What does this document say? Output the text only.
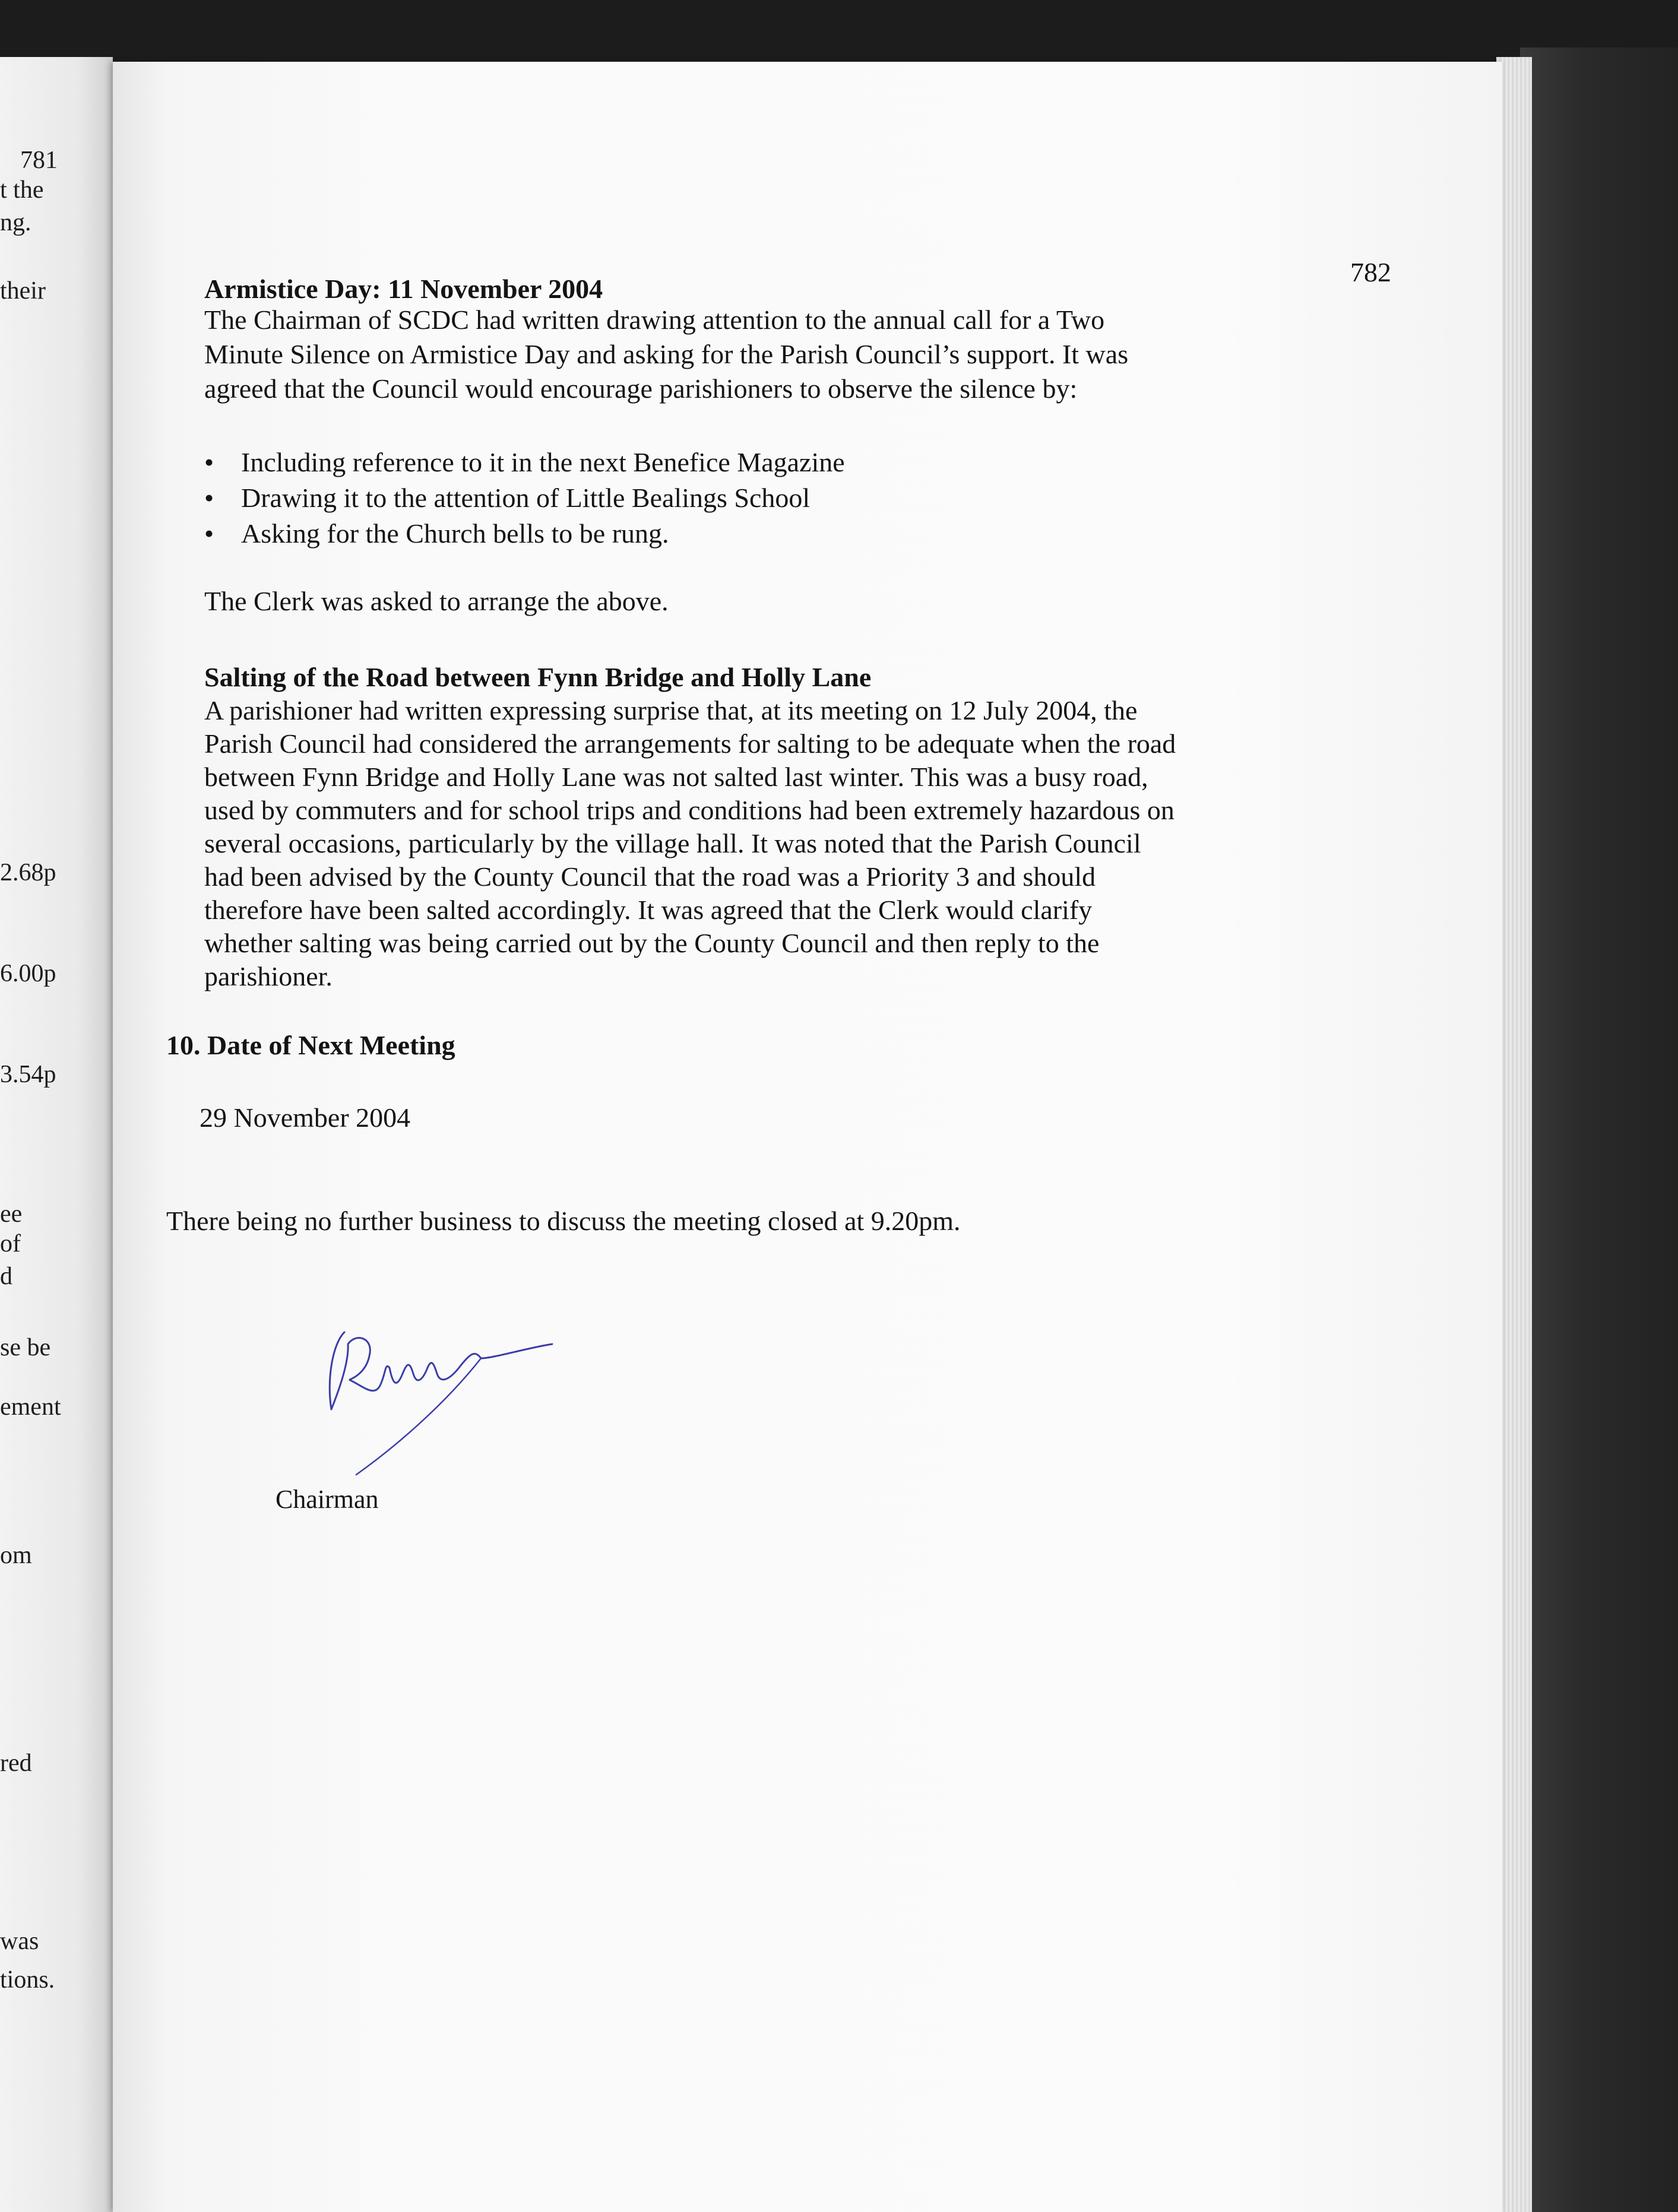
781
t the
ng.
their
2.68p
6.00p
3.54p
ee
of
d
se be
ement
om
red
was
tions.
782
Armistice Day: 11 November 2004
The Chairman of SCDC had written drawing attention to the annual call for a Two
Minute Silence on Armistice Day and asking for the Parish Council’s support. It was
agreed that the Council would encourage parishioners to observe the silence by:
• Including reference to it in the next Benefice Magazine
• Drawing it to the attention of Little Bealings School
• Asking for the Church bells to be rung.
The Clerk was asked to arrange the above.
Salting of the Road between Fynn Bridge and Holly Lane
A parishioner had written expressing surprise that, at its meeting on 12 July 2004, the
Parish Council had considered the arrangements for salting to be adequate when the road
between Fynn Bridge and Holly Lane was not salted last winter. This was a busy road,
used by commuters and for school trips and conditions had been extremely hazardous on
several occasions, particularly by the village hall. It was noted that the Parish Council
had been advised by the County Council that the road was a Priority 3 and should
therefore have been salted accordingly. It was agreed that the Clerk would clarify
whether salting was being carried out by the County Council and then reply to the
parishioner.
10. Date of Next Meeting
29 November 2004
There being no further business to discuss the meeting closed at 9.20pm.
Chairman
